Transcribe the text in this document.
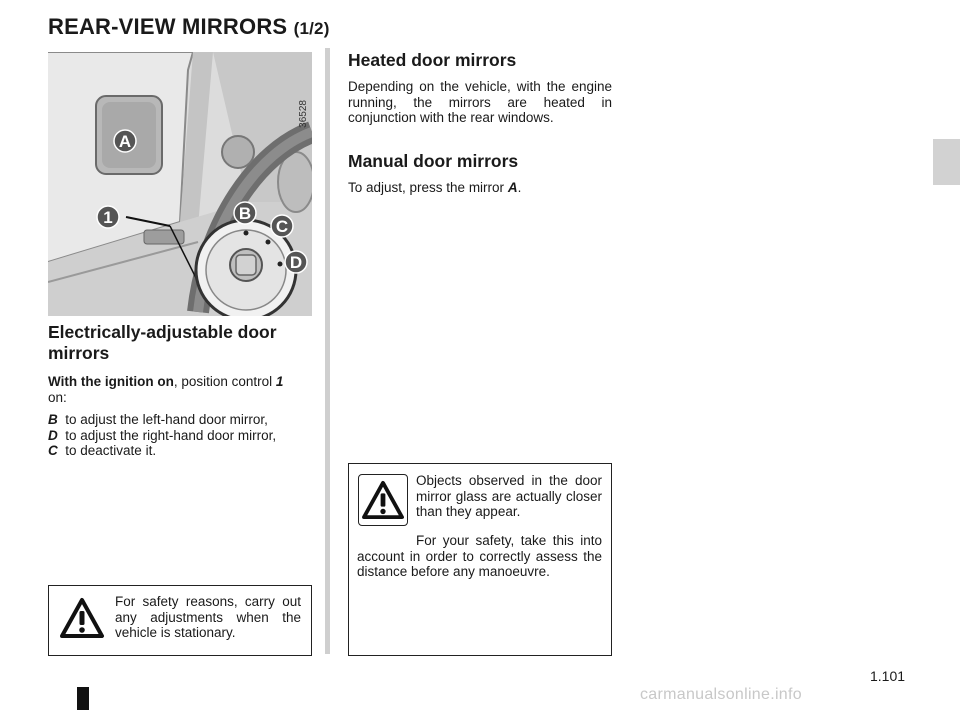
REAR-VIEW MIRRORS (1/2)
A
1	B
C
D
36528
Electrically-adjustable door mirrors

With the ignition on, position control 1
on:

B to adjust the left-hand door mirror,

D to adjust the right-hand door mirror,

C to deactivate it.

For safety reasons, carry out any adjustments when the vehicle is stationary.

Heated door mirrors

Depending on the vehicle, with the engine running, the mirrors are heated in conjunction with the rear windows.

Manual door mirrors

To adjust, press the mirror A.

Objects observed in the door mirror glass are actually closer than they appear.

For your safety, take this into account in order to correctly assess the distance before any manoeuvre.

1.101
carmanualsonline.info
